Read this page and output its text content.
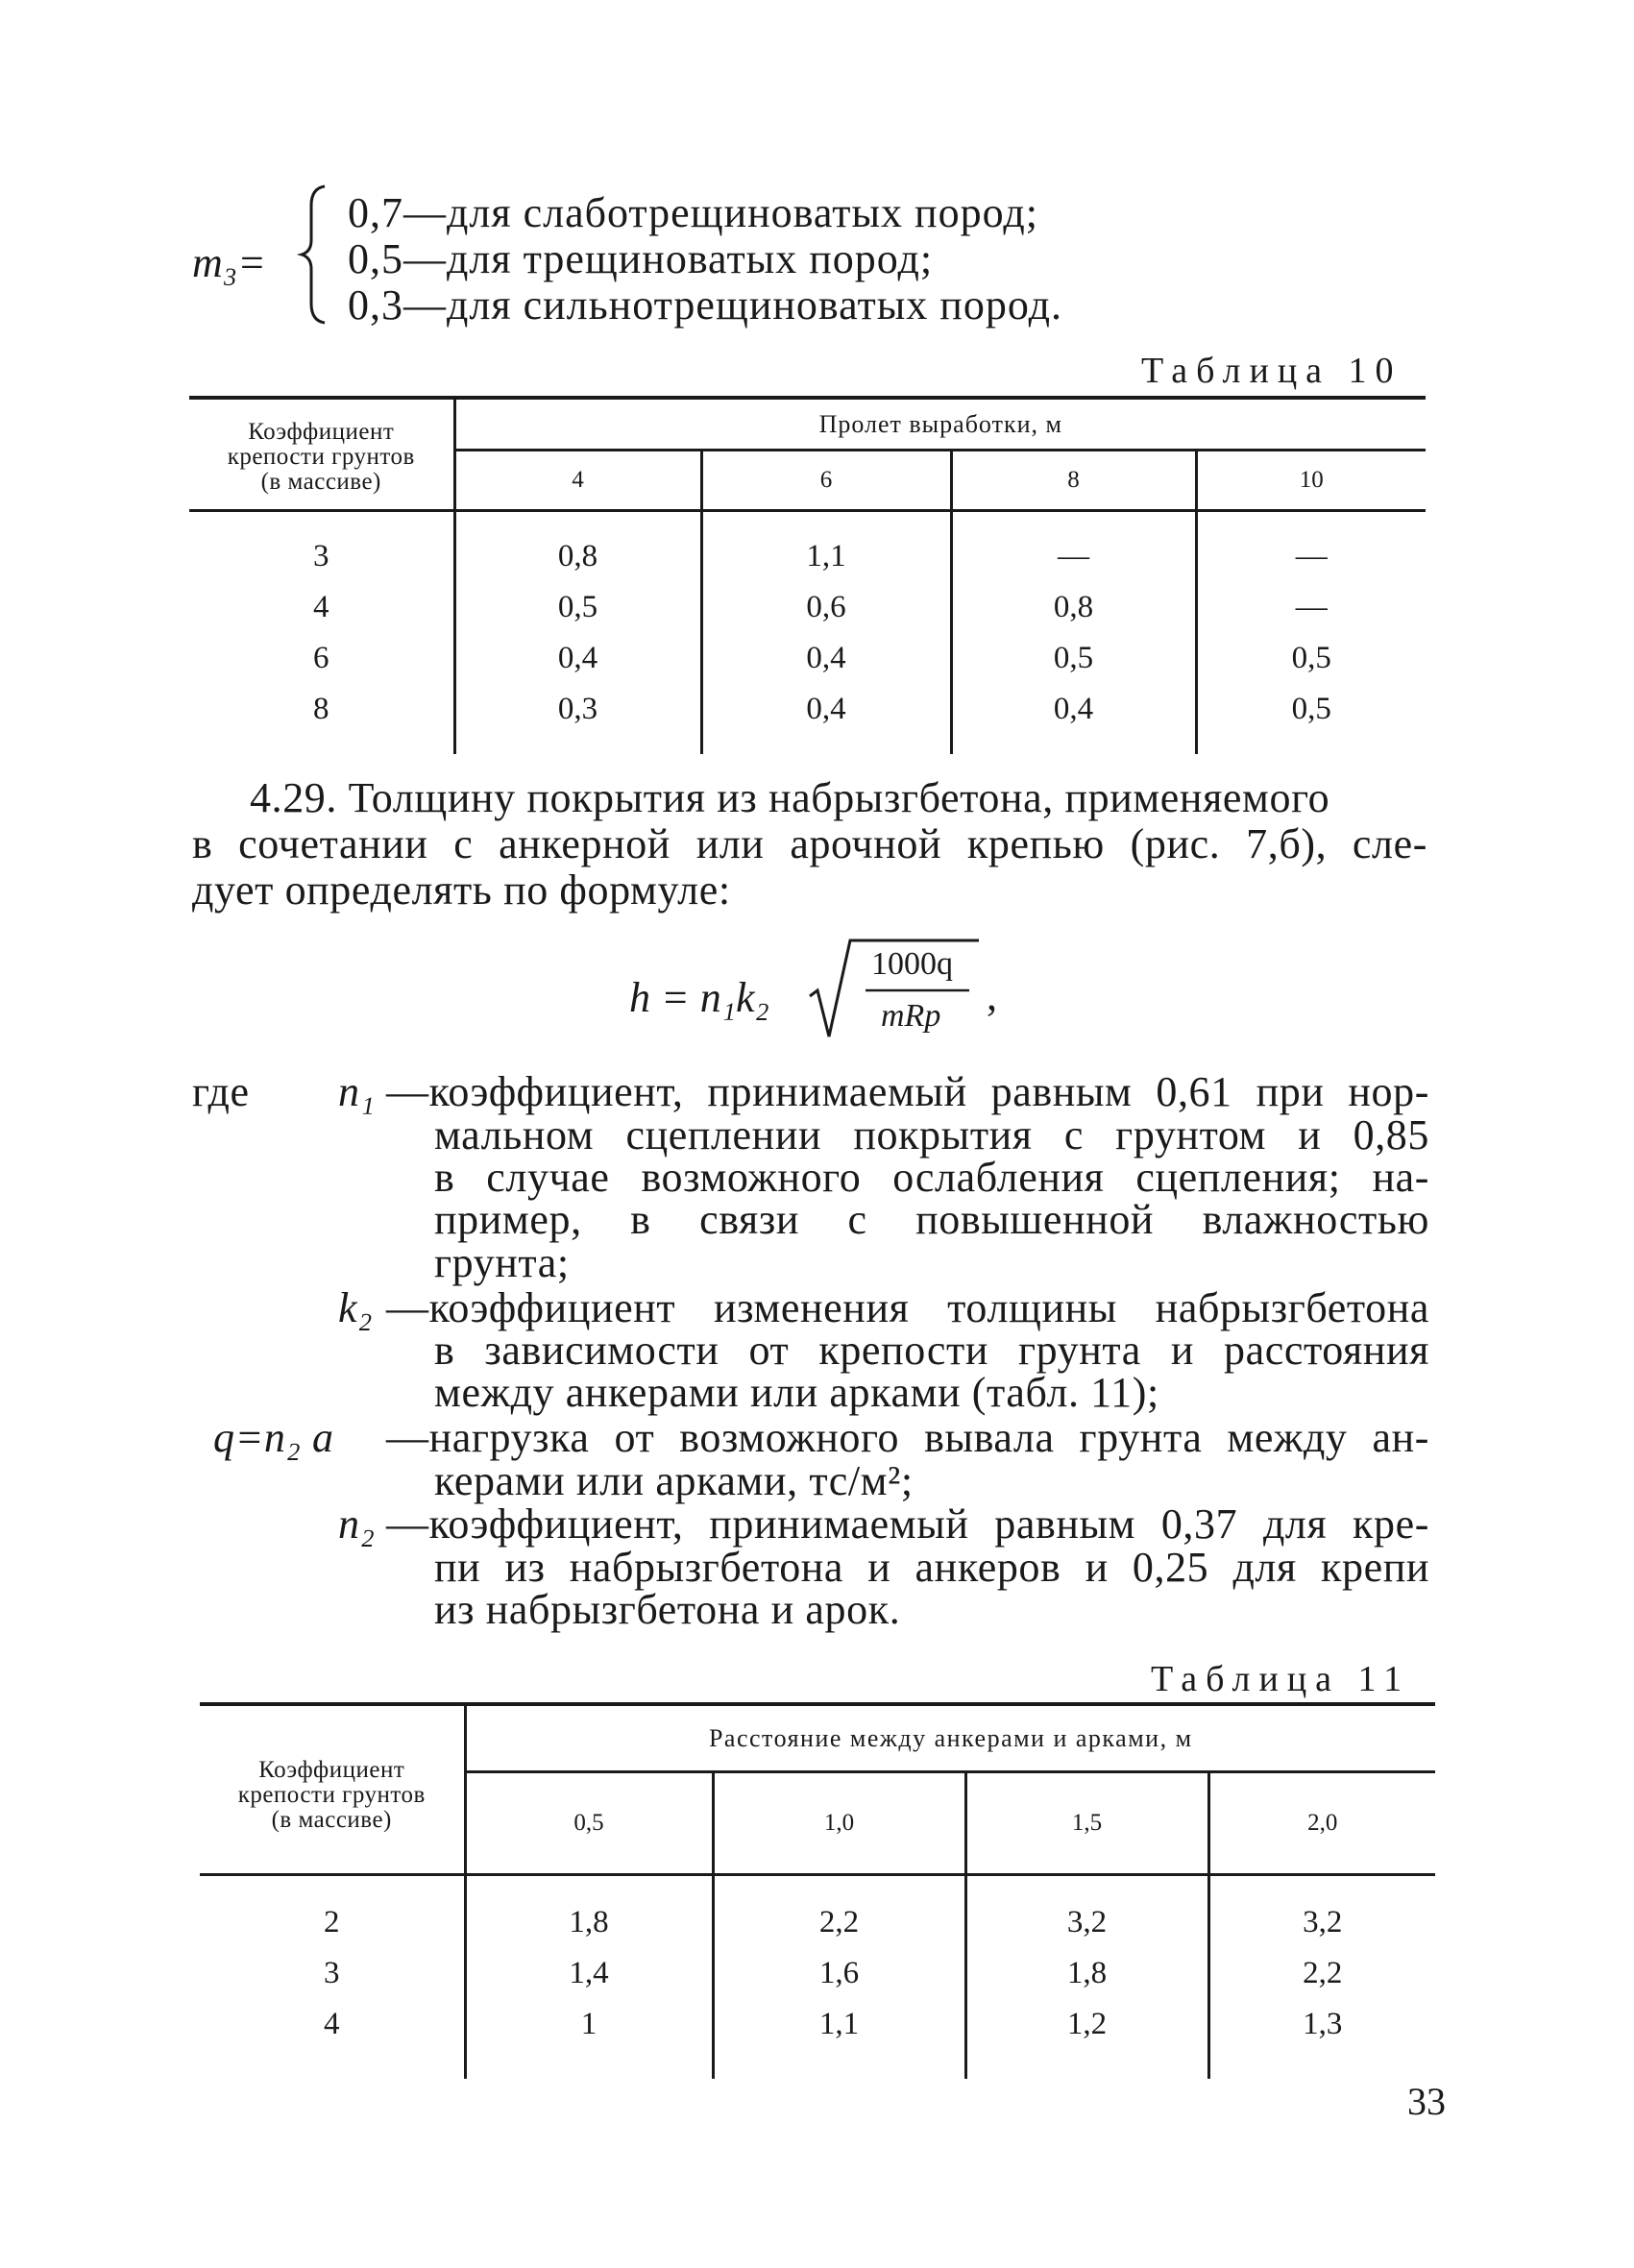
m₃=
0,7—для слаботрещиноватых пород;
0,5—для трещиноватых пород;
0,3—для сильнотрещиноватых пород.
Таблица 10
Коэффициент
крепости грунтов
(в массиве)	Пролет выработки, м			
	4	6	8	10

3	0,8	1,1	—	—
4	0,5	0,6	0,8	—
6	0,4	0,4	0,5	0,5
8	0,3	0,4	0,4	0,5

4.29. Толщину покрытия из набрызгбетона, применяемого
в сочетании с анкерной или арочной крепью (рис. 7,б), сле-
дует определять по формуле:
h = n₁k₂
1000q
mRp ,
где n₁ —коэффициент, принимаемый равным 0,61 при нор-
мальном сцеплении покрытия с грунтом и 0,85
в случае возможного ослабления сцепления; на-
пример, в связи с повышенной влажностью
грунта;
k₂ —коэффициент изменения толщины набрызгбетона
в зависимости от крепости грунта и расстояния
между анкерами или арками (табл. 11);
q=n₂ a —нагрузка от возможного вывала грунта между ан-
керами или арками, тс/м²;
n₂ —коэффициент, принимаемый равным 0,37 для кре-
пи из набрызгбетона и анкеров и 0,25 для крепи
из набрызгбетона и арок.
Таблица 11
Коэффициент
крепости грунтов
(в массиве)	Расстояние между анкерами и арками, м			
	0,5	1,0	1,5	2,0

2	1,8	2,2	3,2	3,2
3	1,4	1,6	1,8	2,2
4	1	1,1	1,2	1,3

33
